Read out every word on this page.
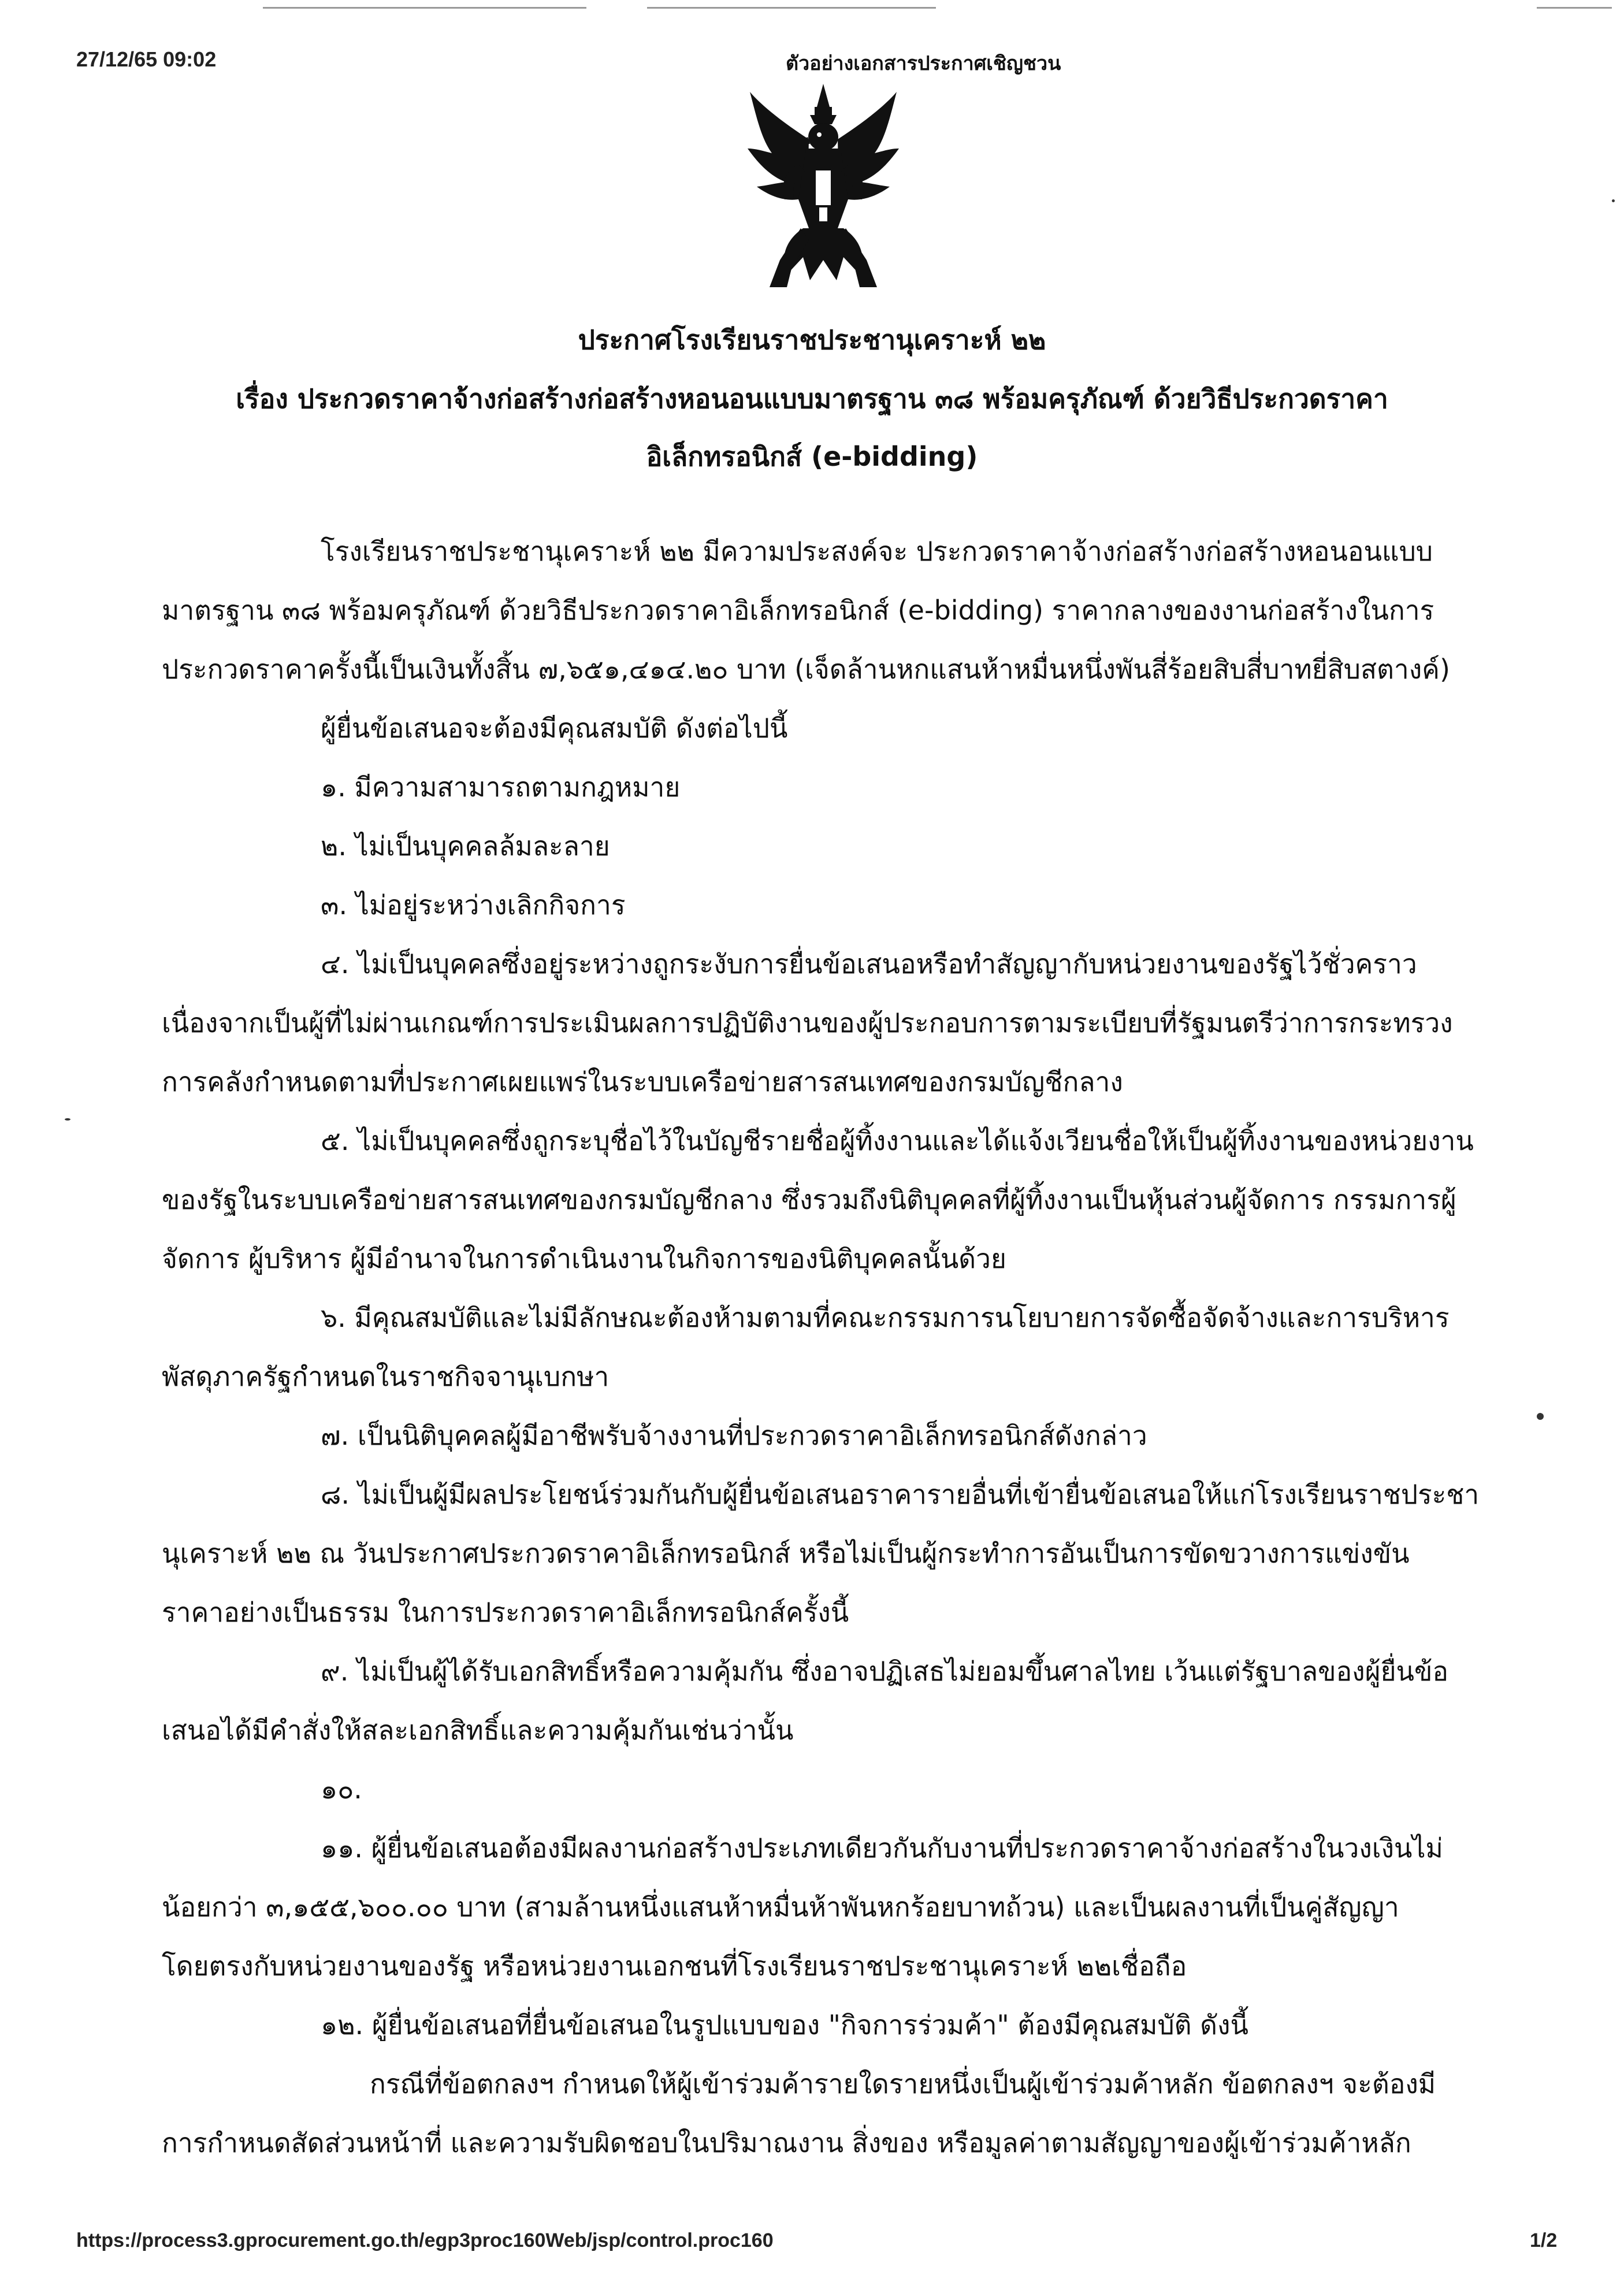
27/12/65 09:02	ตัวอย่างเอกสารประกาศเชิญชวน
ประกาศโรงเรียนราชประชานุเคราะห์ ๒๒
เรื่อง ประกวดราคาจ้างก่อสร้างก่อสร้างหอนอนแบบมาตรฐาน ๓๘ พร้อมครุภัณฑ์ ด้วยวิธีประกวดราคา
อิเล็กทรอนิกส์ (e-bidding)
โรงเรียนราชประชานุเคราะห์ ๒๒ มีความประสงค์จะ ประกวดราคาจ้างก่อสร้างก่อสร้างหอนอนแบบ
มาตรฐาน ๓๘ พร้อมครุภัณฑ์ ด้วยวิธีประกวดราคาอิเล็กทรอนิกส์ (e-bidding) ราคากลางของงานก่อสร้างในการ
ประกวดราคาครั้งนี้เป็นเงินทั้งสิ้น ๗,๖๕๑,๔๑๔.๒๐ บาท (เจ็ดล้านหกแสนห้าหมื่นหนึ่งพันสี่ร้อยสิบสี่บาทยี่สิบสตางค์)
ผู้ยื่นข้อเสนอจะต้องมีคุณสมบัติ ดังต่อไปนี้
๑. มีความสามารถตามกฎหมาย
๒. ไม่เป็นบุคคลล้มละลาย
๓. ไม่อยู่ระหว่างเลิกกิจการ
๔. ไม่เป็นบุคคลซึ่งอยู่ระหว่างถูกระงับการยื่นข้อเสนอหรือทำสัญญากับหน่วยงานของรัฐไว้ชั่วคราว
เนื่องจากเป็นผู้ที่ไม่ผ่านเกณฑ์การประเมินผลการปฏิบัติงานของผู้ประกอบการตามระเบียบที่รัฐมนตรีว่าการกระทรวง
การคลังกำหนดตามที่ประกาศเผยแพร่ในระบบเครือข่ายสารสนเทศของกรมบัญชีกลาง
๕. ไม่เป็นบุคคลซึ่งถูกระบุชื่อไว้ในบัญชีรายชื่อผู้ทิ้งงานและได้แจ้งเวียนชื่อให้เป็นผู้ทิ้งงานของหน่วยงาน
ของรัฐในระบบเครือข่ายสารสนเทศของกรมบัญชีกลาง ซึ่งรวมถึงนิติบุคคลที่ผู้ทิ้งงานเป็นหุ้นส่วนผู้จัดการ กรรมการผู้
จัดการ ผู้บริหาร ผู้มีอำนาจในการดำเนินงานในกิจการของนิติบุคคลนั้นด้วย
๖. มีคุณสมบัติและไม่มีลักษณะต้องห้ามตามที่คณะกรรมการนโยบายการจัดซื้อจัดจ้างและการบริหาร
พัสดุภาครัฐกำหนดในราชกิจจานุเบกษา
๗. เป็นนิติบุคคลผู้มีอาชีพรับจ้างงานที่ประกวดราคาอิเล็กทรอนิกส์ดังกล่าว
๘. ไม่เป็นผู้มีผลประโยชน์ร่วมกันกับผู้ยื่นข้อเสนอราคารายอื่นที่เข้ายื่นข้อเสนอให้แก่โรงเรียนราชประชา
นุเคราะห์ ๒๒ ณ วันประกาศประกวดราคาอิเล็กทรอนิกส์ หรือไม่เป็นผู้กระทำการอันเป็นการขัดขวางการแข่งขัน
ราคาอย่างเป็นธรรม ในการประกวดราคาอิเล็กทรอนิกส์ครั้งนี้
๙. ไม่เป็นผู้ได้รับเอกสิทธิ์หรือความคุ้มกัน ซึ่งอาจปฏิเสธไม่ยอมขึ้นศาลไทย เว้นแต่รัฐบาลของผู้ยื่นข้อ
เสนอได้มีคำสั่งให้สละเอกสิทธิ์และความคุ้มกันเช่นว่านั้น
๑๐.
๑๑. ผู้ยื่นข้อเสนอต้องมีผลงานก่อสร้างประเภทเดียวกันกับงานที่ประกวดราคาจ้างก่อสร้างในวงเงินไม่
น้อยกว่า ๓,๑๕๕,๖๐๐.๐๐ บาท (สามล้านหนึ่งแสนห้าหมื่นห้าพันหกร้อยบาทถ้วน) และเป็นผลงานที่เป็นคู่สัญญา
โดยตรงกับหน่วยงานของรัฐ หรือหน่วยงานเอกชนที่โรงเรียนราชประชานุเคราะห์ ๒๒เชื่อถือ
๑๒. ผู้ยื่นข้อเสนอที่ยื่นข้อเสนอในรูปแบบของ "กิจการร่วมค้า" ต้องมีคุณสมบัติ ดังนี้
กรณีที่ข้อตกลงฯ กำหนดให้ผู้เข้าร่วมค้ารายใดรายหนึ่งเป็นผู้เข้าร่วมค้าหลัก ข้อตกลงฯ จะต้องมี
การกำหนดสัดส่วนหน้าที่ และความรับผิดชอบในปริมาณงาน สิ่งของ หรือมูลค่าตามสัญญาของผู้เข้าร่วมค้าหลัก
https://process3.gprocurement.go.th/egp3proc160Web/jsp/control.proc160	1/2
